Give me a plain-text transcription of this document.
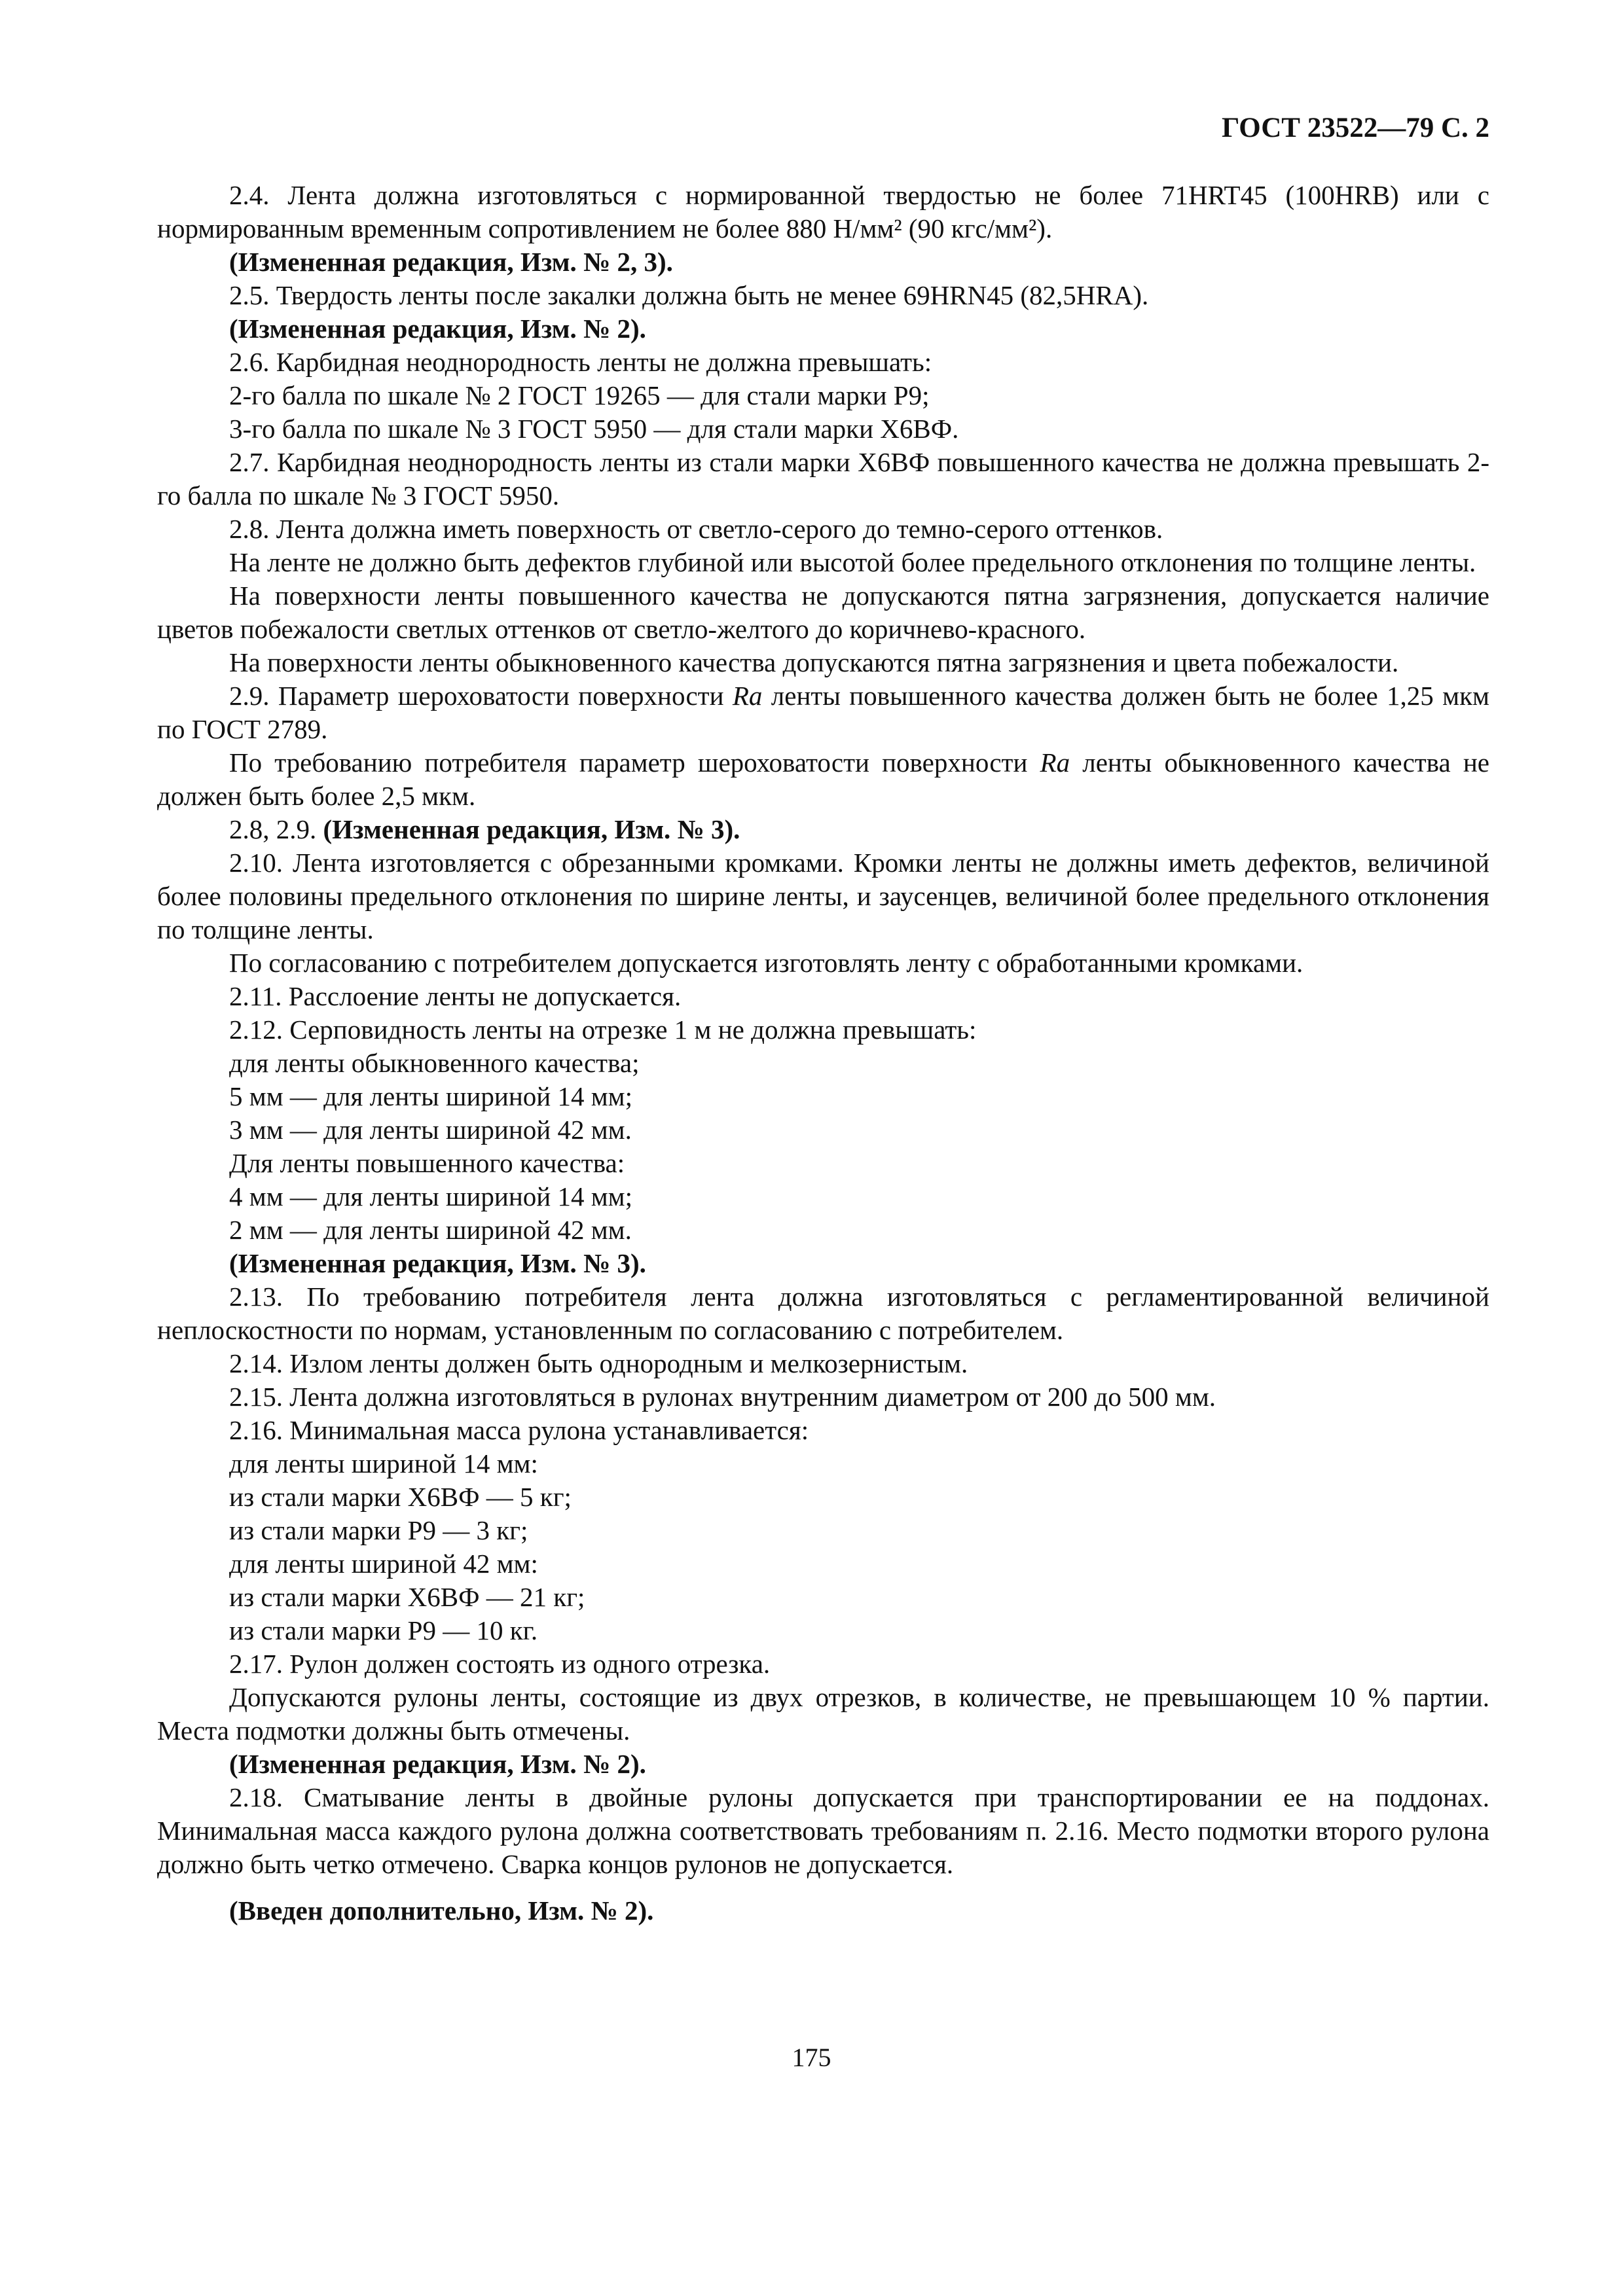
ГОСТ 23522—79 С. 2
2.4. Лента должна изготовляться с нормированной твердостью не более 71HRT45 (100HRB) или с нормированным временным сопротивлением не более 880 Н/мм² (90 кгс/мм²).
(Измененная редакция, Изм. № 2, 3).
2.5. Твердость ленты после закалки должна быть не менее 69HRN45 (82,5HRA).
(Измененная редакция, Изм. № 2).
2.6. Карбидная неоднородность ленты не должна превышать:
2-го балла по шкале № 2 ГОСТ 19265 — для стали марки Р9;
3-го балла по шкале № 3 ГОСТ 5950 — для стали марки Х6ВФ.
2.7. Карбидная неоднородность ленты из стали марки Х6ВФ повышенного качества не должна превышать 2-го балла по шкале № 3 ГОСТ 5950.
2.8. Лента должна иметь поверхность от светло-серого до темно-серого оттенков.
На ленте не должно быть дефектов глубиной или высотой более предельного отклонения по толщине ленты.
На поверхности ленты повышенного качества не допускаются пятна загрязнения, допускается наличие цветов побежалости светлых оттенков от светло-желтого до коричнево-красного.
На поверхности ленты обыкновенного качества допускаются пятна загрязнения и цвета побежалости.
2.9. Параметр шероховатости поверхности Ra ленты повышенного качества должен быть не более 1,25 мкм по ГОСТ 2789.
По требованию потребителя параметр шероховатости поверхности Ra ленты обыкновенного качества не должен быть более 2,5 мкм.
2.8, 2.9. (Измененная редакция, Изм. № 3).
2.10. Лента изготовляется с обрезанными кромками. Кромки ленты не должны иметь дефектов, величиной более половины предельного отклонения по ширине ленты, и заусенцев, величиной более предельного отклонения по толщине ленты.
По согласованию с потребителем допускается изготовлять ленту с обработанными кромками.
2.11. Расслоение ленты не допускается.
2.12. Серповидность ленты на отрезке 1 м не должна превышать:
для ленты обыкновенного качества;
5 мм — для ленты шириной 14 мм;
3 мм — для ленты шириной 42 мм.
Для ленты повышенного качества:
4 мм — для ленты шириной 14 мм;
2 мм — для ленты шириной 42 мм.
(Измененная редакция, Изм. № 3).
2.13. По требованию потребителя лента должна изготовляться с регламентированной величиной неплоскостности по нормам, установленным по согласованию с потребителем.
2.14. Излом ленты должен быть однородным и мелкозернистым.
2.15. Лента должна изготовляться в рулонах внутренним диаметром от 200 до 500 мм.
2.16. Минимальная масса рулона устанавливается:
для ленты шириной 14 мм:
из стали марки Х6ВФ — 5 кг;
из стали марки Р9 — 3 кг;
для ленты шириной 42 мм:
из стали марки Х6ВФ — 21 кг;
из стали марки Р9 — 10 кг.
2.17. Рулон должен состоять из одного отрезка.
Допускаются рулоны ленты, состоящие из двух отрезков, в количестве, не превышающем 10 % партии. Места подмотки должны быть отмечены.
(Измененная редакция, Изм. № 2).
2.18. Сматывание ленты в двойные рулоны допускается при транспортировании ее на поддонах. Минимальная масса каждого рулона должна соответствовать требованиям п. 2.16. Место подмотки второго рулона должно быть четко отмечено. Сварка концов рулонов не допускается.
(Введен дополнительно, Изм. № 2).
175
